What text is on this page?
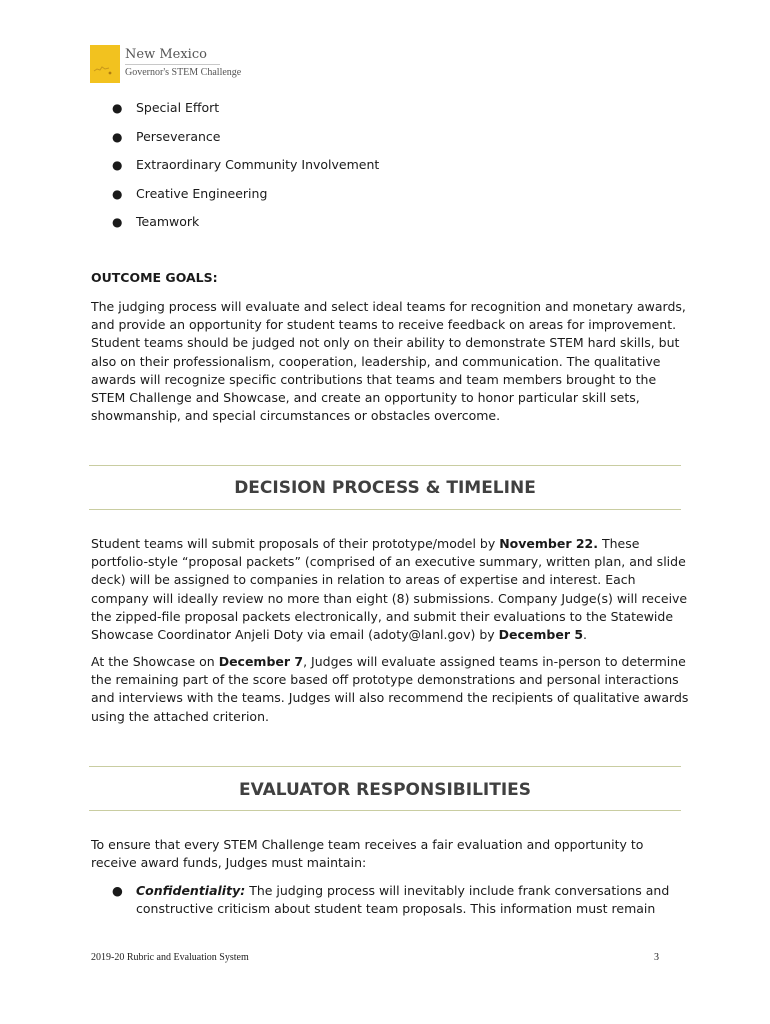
New Mexico
Governor's STEM Challenge
● Special Effort
● Perseverance
● Extraordinary Community Involvement
● Creative Engineering
● Teamwork

OUTCOME GOALS:

The judging process will evaluate and select ideal teams for recognition and monetary awards, and provide an opportunity for student teams to receive feedback on areas for improvement. Student teams should be judged not only on their ability to demonstrate STEM hard skills, but also on their professionalism, cooperation, leadership, and communication. The qualitative awards will recognize specific contributions that teams and team members brought to the STEM Challenge and Showcase, and create an opportunity to honor particular skill sets, showmanship, and special circumstances or obstacles overcome.

DECISION PROCESS & TIMELINE

Student teams will submit proposals of their prototype/model by November 22. These portfolio-style “proposal packets” (comprised of an executive summary, written plan, and slide deck) will be assigned to companies in relation to areas of expertise and interest. Each company will ideally review no more than eight (8) submissions. Company Judge(s) will receive the zipped-file proposal packets electronically, and submit their evaluations to the Statewide Showcase Coordinator Anjeli Doty via email (adoty@lanl.gov) by December 5.

At the Showcase on December 7, Judges will evaluate assigned teams in-person to determine the remaining part of the score based off prototype demonstrations and personal interactions and interviews with the teams. Judges will also recommend the recipients of qualitative awards using the attached criterion.

EVALUATOR RESPONSIBILITIES

To ensure that every STEM Challenge team receives a fair evaluation and opportunity to receive award funds, Judges must maintain:

● Confidentiality: The judging process will inevitably include frank conversations and constructive criticism about student team proposals. This information must remain
2019-20 Rubric and Evaluation System	3
